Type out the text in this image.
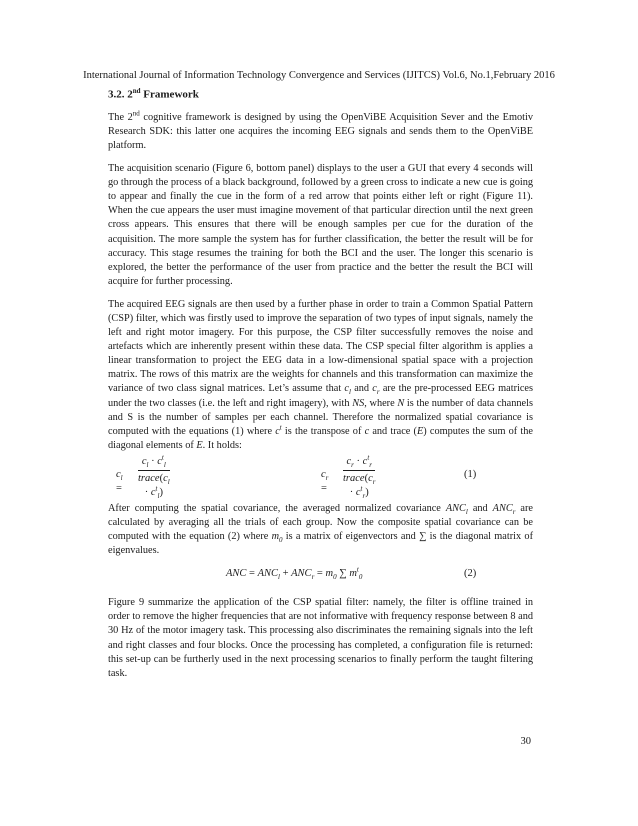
International Journal of Information Technology Convergence and Services (IJITCS) Vol.6, No.1,February 2016
3.2. 2nd Framework

The 2nd cognitive framework is designed by using the OpenViBE Acquisition Sever and the Emotiv Research SDK: this latter one acquires the incoming EEG signals and sends them to the OpenViBE platform.

The acquisition scenario (Figure 6, bottom panel) displays to the user a GUI that every 4 seconds will go through the process of a black background, followed by a green cross to indicate a new cue is going to appear and finally the cue in the form of a red arrow that points either left or right (Figure 11). When the cue appears the user must imagine movement of that particular direction until the next green cross appears. This ensures that there will be enough samples per cue for the duration of the acquisition. The more sample the system has for further classification, the better the result will be for accuracy. This stage resumes the training for both the BCI and the user. The longer this scenario is explored, the better the performance of the user from practice and the better the result the BCI will acquire for further processing.

The acquired EEG signals are then used by a further phase in order to train a Common Spatial Pattern (CSP) filter, which was firstly used to improve the separation of two types of input signals, namely the left and right motor imagery. For this purpose, the CSP filter successfully removes the noise and artefacts which are inherently present within these data. The CSP special filter algorithm is applies a linear transformation to project the EEG data in a low-dimensional spatial space with a projection matrix. The rows of this matrix are the weights for channels and this transformation can maximize the variance of two class signal matrices. Let’s assume that $c_l$ and $c_r$ are the pre-processed EEG matrices under the two classes (i.e. the left and right imagery), with NS, where N is the number of data channels and S is the number of samples per each channel. Therefore the normalized spatial covariance is computed with the equations (1) where $c^t$ is the transpose of c and trace (E) computes the sum of the diagonal elements of E. It holds:

$c_l$ =
$c_l \cdot c^t_l$
$trace(c_l \cdot c^t_l)$
$c_r$ =
$c_r \cdot c^t_r$
$trace(c_r \cdot c^t_r)$
(1)

After computing the spatial covariance, the averaged normalized covariance $ANC_l$ and $ANC_r$ are calculated by averaging all the trials of each group. Now the composite spatial covariance can be computed with the equation (2) where $m_0$ is a matrix of eigenvectors and ∑ is the diagonal matrix of eigenvalues.

ANC = $ANC_l + ANC_r = m_0$ ∑ $m^t_0$	(2)

Figure 9 summarize the application of the CSP spatial filter: namely, the filter is offline trained in order to remove the higher frequencies that are not informative with frequency response between 8 and 30 Hz of the motor imagery task. This processing also discriminates the remaining signals into the left and right classes and four blocks. Once the processing has completed, a configuration file is returned: this set-up can be furtherly used in the next processing scenarios to finally perform the taught filtering task.

30
